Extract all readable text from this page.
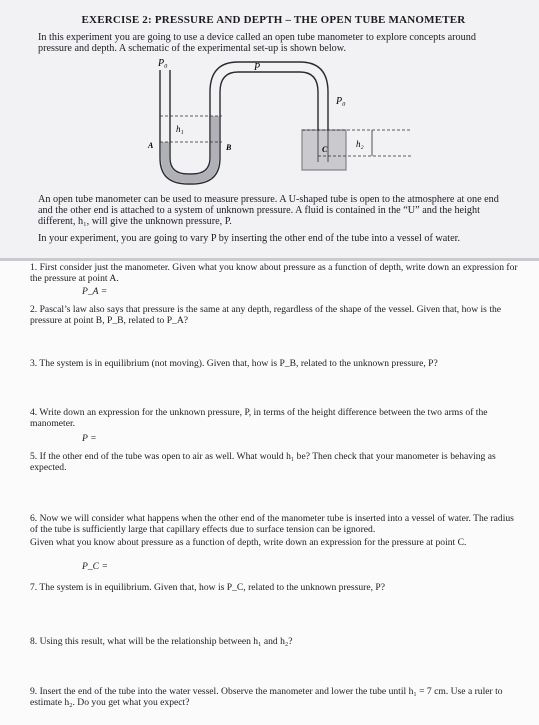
EXERCISE 2: PRESSURE AND DEPTH – THE OPEN TUBE MANOMETER

In this experiment you are going to use a device called an open tube manometer to explore concepts around pressure and depth. A schematic of the experimental set-up is shown below.

P₀	P
P₀
h₁
h₂
A	B	C

An open tube manometer can be used to measure pressure. A U-shaped tube is open to the atmosphere at one end and the other end is attached to a system of unknown pressure. A fluid is contained in the “U” and the height different, h₁, will give the unknown pressure, P.

In your experiment, you are going to vary P by inserting the other end of the tube into a vessel of water.

1. First consider just the manometer. Given what you know about pressure as a function of depth, write down an expression for the pressure at point A.
P_A =
2. Pascal’s law also says that pressure is the same at any depth, regardless of the shape of the vessel. Given that, how is the pressure at point B, P_B, related to P_A?
3. The system is in equilibrium (not moving). Given that, how is P_B, related to the unknown pressure, P?
4. Write down an expression for the unknown pressure, P, in terms of the height difference between the two arms of the manometer.
P =
5. If the other end of the tube was open to air as well. What would h₁ be? Then check that your manometer is behaving as expected.
6. Now we will consider what happens when the other end of the manometer tube is inserted into a vessel of water. The radius of the tube is sufficiently large that capillary effects due to surface tension can be ignored.
Given what you know about pressure as a function of depth, write down an expression for the pressure at point C.
P_C =
7. The system is in equilibrium. Given that, how is P_C, related to the unknown pressure, P?
8. Using this result, what will be the relationship between h₁ and h₂?
9. Insert the end of the tube into the water vessel. Observe the manometer and lower the tube until h₁ = 7 cm. Use a ruler to estimate h₂. Do you get what you expect?
